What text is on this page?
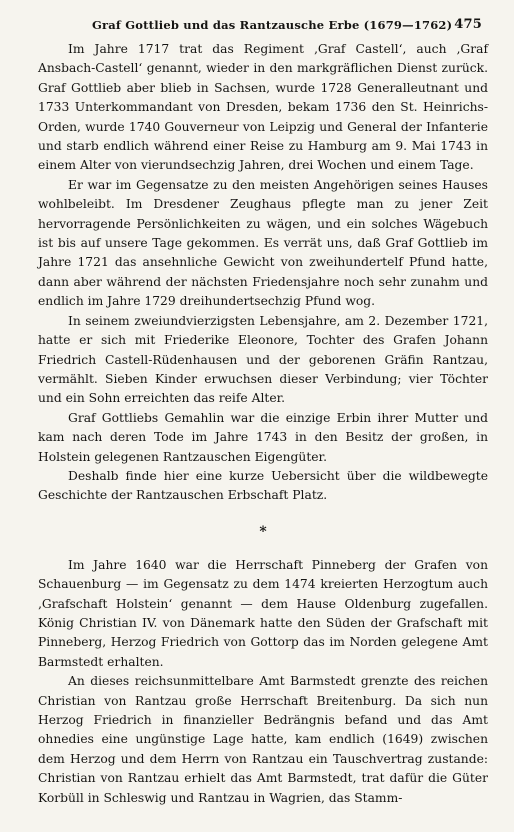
Graf Gottlieb und das Rantzausche Erbe (1679—1762) 475

Im Jahre 1717 trat das Regiment ‚Graf Castell‘, auch ‚Graf Ansbach-Castell‘ genannt, wieder in den markgräflichen Dienst zurück. Graf Gottlieb aber blieb in Sachsen, wurde 1728 Generalleutnant und 1733 Unterkommandant von Dresden, bekam 1736 den St. Heinrichs-Orden, wurde 1740 Gouverneur von Leipzig und General der Infanterie und starb endlich während einer Reise zu Hamburg am 9. Mai 1743 in einem Alter von vierundsechzig Jahren, drei Wochen und einem Tage.

Er war im Gegensatze zu den meisten Angehörigen seines Hauses wohlbeleibt. Im Dresdener Zeughaus pflegte man zu jener Zeit hervorragende Persönlichkeiten zu wägen, und ein solches Wägebuch ist bis auf unsere Tage gekommen. Es verrät uns, daß Graf Gottlieb im Jahre 1721 das ansehnliche Gewicht von zweihundertelf Pfund hatte, dann aber während der nächsten Friedensjahre noch sehr zunahm und endlich im Jahre 1729 dreihundertsechzig Pfund wog.

In seinem zweiundvierzigsten Lebensjahre, am 2. Dezember 1721, hatte er sich mit Friederike Eleonore, Tochter des Grafen Johann Friedrich Castell-Rüdenhausen und der geborenen Gräfin Rantzau, vermählt. Sieben Kinder erwuchsen dieser Verbindung; vier Töchter und ein Sohn erreichten das reife Alter.

Graf Gottliebs Gemahlin war die einzige Erbin ihrer Mutter und kam nach deren Tode im Jahre 1743 in den Besitz der großen, in Holstein gelegenen Rantzauschen Eigengüter.

Deshalb finde hier eine kurze Uebersicht über die wildbewegte Geschichte der Rantzauschen Erbschaft Platz.

*

Im Jahre 1640 war die Herrschaft Pinneberg der Grafen von Schauenburg — im Gegensatz zu dem 1474 kreierten Herzogtum auch ‚Grafschaft Holstein‘ genannt — dem Hause Oldenburg zugefallen. König Christian IV. von Dänemark hatte den Süden der Grafschaft mit Pinneberg, Herzog Friedrich von Gottorp das im Norden gelegene Amt Barmstedt erhalten.

An dieses reichsunmittelbare Amt Barmstedt grenzte des reichen Christian von Rantzau große Herrschaft Breitenburg. Da sich nun Herzog Friedrich in finanzieller Bedrängnis befand und das Amt ohnedies eine ungünstige Lage hatte, kam endlich (1649) zwischen dem Herzog und dem Herrn von Rantzau ein Tauschvertrag zustande: Christian von Rantzau erhielt das Amt Barmstedt, trat dafür die Güter Korbüll in Schleswig und Rantzau in Wagrien, das Stamm-
